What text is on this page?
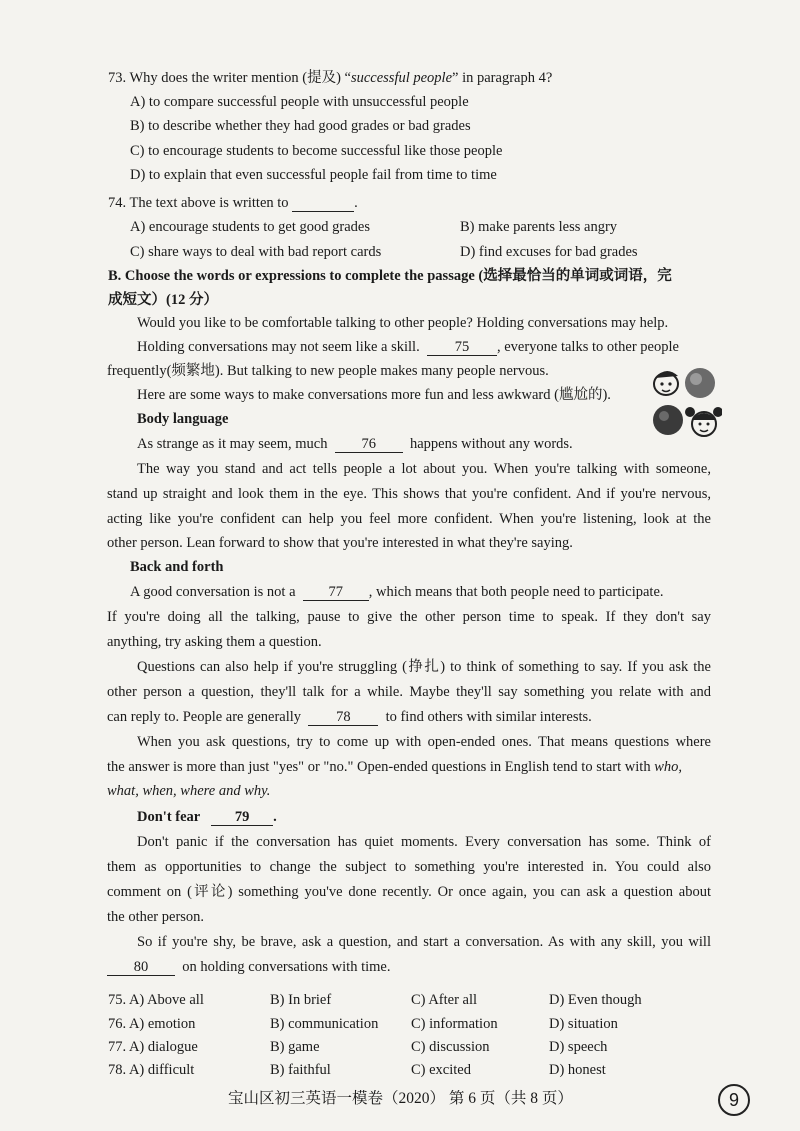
73. Why does the writer mention (提及) “successful people” in paragraph 4?
A) to compare successful people with unsuccessful people
B) to describe whether they had good grades or bad grades
C) to encourage students to become successful like those people
D) to explain that even successful people fail from time to time
74. The text above is written to	.
A) encourage students to get good grades	B) make parents less angry
C) share ways to deal with bad report cards	D) find excuses for bad grades
B. Choose the words or expressions to complete the passage (选择最恰当的单词或词语，完
成短文）(12 分）
Would you like to be comfortable talking to other people? Holding conversations may help.
Holding conversations may not seem like a skill. 75 , everyone talks to other people
frequently(频繁地). But talking to new people makes many people nervous.
Here are some ways to make conversations more fun and less awkward (尴尬的).
Body language
As strange as it may seem, much 76 happens without any words.
The way you stand and act tells people a lot about you. When you're talking with someone,
stand up straight and look them in the eye. This shows that you're confident. And if you're nervous,
acting like you're confident can help you feel more confident. When you're listening, look at the
other person. Lean forward to show that you're interested in what they're saying.
Back and forth
A good conversation is not a 77 , which means that both people need to participate.
If you're doing all the talking, pause to give the other person time to speak. If they don't say
anything, try asking them a question.
Questions can also help if you're struggling (挣扎) to think of something to say. If you ask the
other person a question, they'll talk for a while. Maybe they'll say something you relate with and
can reply to. People are generally 78 to find others with similar interests.
When you ask questions, try to come up with open-ended ones. That means questions where
the answer is more than just "yes" or "no." Open-ended questions in English tend to start with who,
what, when, where and why.
Don't fear 79 .
Don't panic if the conversation has quiet moments. Every conversation has some. Think of
them as opportunities to change the subject to something you're interested in. You could also
comment on (评论) something you've done recently. Or once again, you can ask a question about
the other person.
So if you're shy, be brave, ask a question, and start a conversation. As with any skill, you will
80 on holding conversations with time.
75. A) Above all	B) In brief	C) After all	D) Even though
76. A) emotion	B) communication C) information	D) situation
77. A) dialogue	B) game	C) discussion	D) speech
78. A) difficult	B) faithful	C) excited	D) honest
宝山区初三英语一模卷（2020） 第 6 页（共 8 页）	9
